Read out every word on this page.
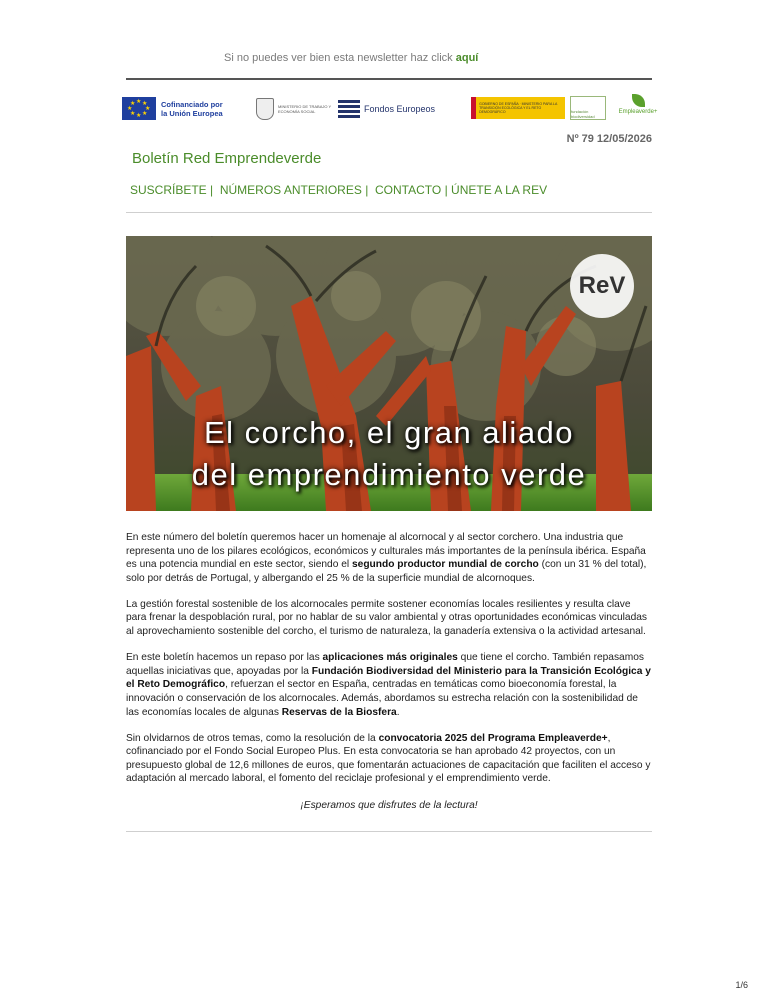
Si no puedes ver bien esta newsletter haz click aquí
★ ★
★
★
★
★
★
★	Cofinanciado por
la Unión Europea
MINISTERIO DE TRABAJO Y ECONOMÍA SOCIAL	Fondos Europeos	GOBIERNO DE ESPAÑA · MINISTERIO PARA LA TRANSICIÓN ECOLÓGICA Y EL RETO DEMOGRÁFICO	fundación biodiversidad
Empleaverde+
Nº 79 12/05/2026
Boletín Red Emprendeverde
SUSCRÍBETE | NÚMEROS ANTERIORES | CONTACTO | ÚNETE A LA REV
ReV
El corcho, el gran aliado
del emprendimiento verde

En este número del boletín queremos hacer un homenaje al alcornocal y al sector corchero. Una industria que representa uno de los pilares ecológicos, económicos y culturales más importantes de la península ibérica. España es una potencia mundial en este sector, siendo el segundo productor mundial de corcho (con un 31 % del total), solo por detrás de Portugal, y albergando el 25 % de la superficie mundial de alcornoques.

La gestión forestal sostenible de los alcornocales permite sostener economías locales resilientes y resulta clave para frenar la despoblación rural, por no hablar de su valor ambiental y otras oportunidades económicas vinculadas al aprovechamiento sostenible del corcho, el turismo de naturaleza, la ganadería extensiva o la actividad artesanal.

En este boletín hacemos un repaso por las aplicaciones más originales que tiene el corcho. También repasamos aquellas iniciativas que, apoyadas por la Fundación Biodiversidad del Ministerio para la Transición Ecológica y el Reto Demográfico, refuerzan el sector en España, centradas en temáticas como bioeconomía forestal, la innovación o conservación de los alcornocales. Además, abordamos su estrecha relación con la sostenibilidad de las economías locales de algunas Reservas de la Biosfera.

Sin olvidarnos de otros temas, como la resolución de la convocatoria 2025 del Programa Empleaverde+, cofinanciado por el Fondo Social Europeo Plus. En esta convocatoria se han aprobado 42 proyectos, con un presupuesto global de 12,6 millones de euros, que fomentarán actuaciones de capacitación que faciliten el acceso y adaptación al mercado laboral, el fomento del reciclaje profesional y el emprendimiento verde.

¡Esperamos que disfrutes de la lectura!

1/6
